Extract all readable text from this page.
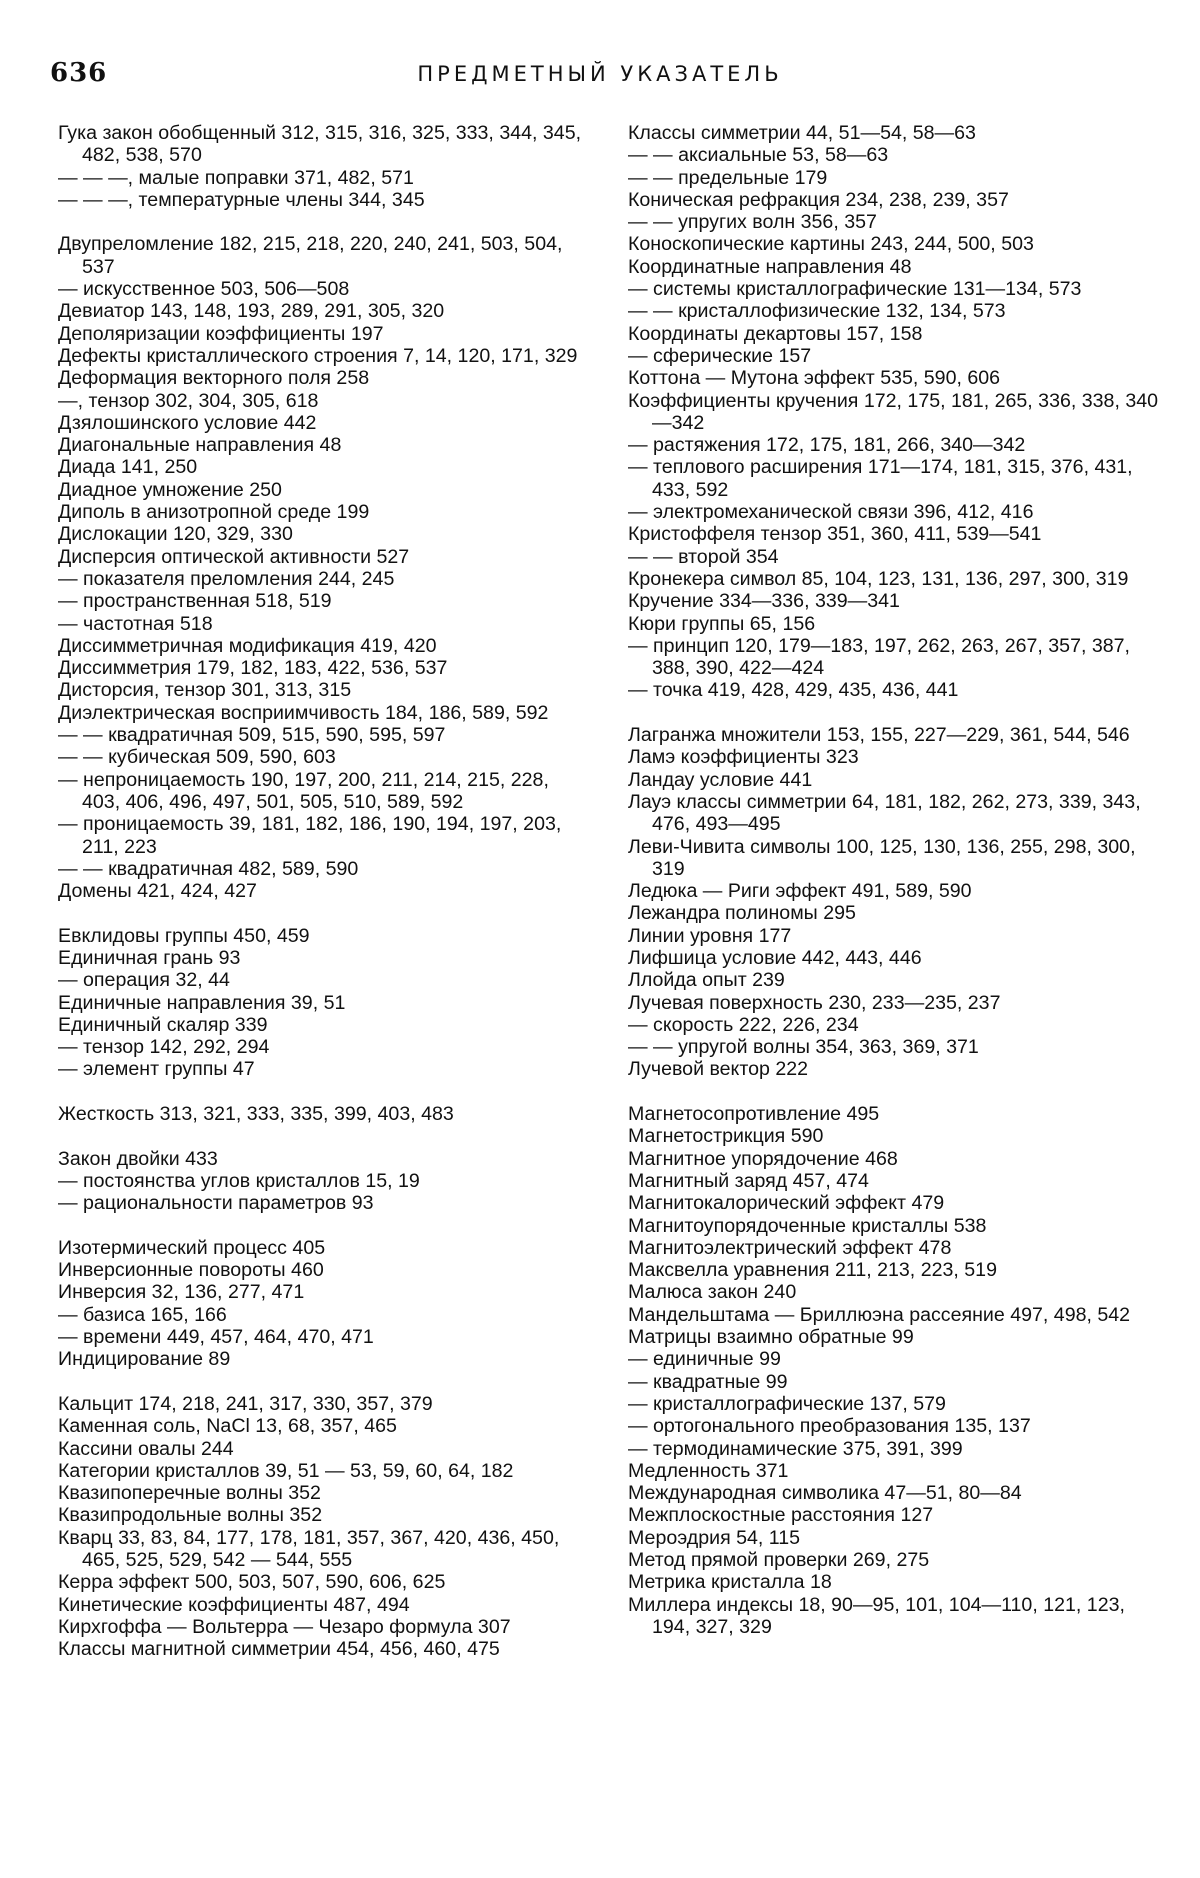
636	ПРЕДМЕТНЫЙ УКАЗАТЕЛЬ

Гука закон обобщенный 312, 315, 316, 325, 333, 344, 345, 482, 538, 570

— — —, малые поправки 371, 482, 571

— — —, температурные члены 344, 345

Двупреломление 182, 215, 218, 220, 240, 241, 503, 504, 537

— искусственное 503, 506—508

Девиатор 143, 148, 193, 289, 291, 305, 320

Деполяризации коэффициенты 197

Дефекты кристаллического строения 7, 14, 120, 171, 329

Деформация векторного поля 258

—, тензор 302, 304, 305, 618

Дзялошинского условие 442

Диагональные направления 48

Диада 141, 250

Диадное умножение 250

Диполь в анизотропной среде 199

Дислокации 120, 329, 330

Дисперсия оптической активности 527

— показателя преломления 244, 245

— пространственная 518, 519

— частотная 518

Диссимметричная модификация 419, 420

Диссимметрия 179, 182, 183, 422, 536, 537

Дисторсия, тензор 301, 313, 315

Диэлектрическая восприимчивость 184, 186, 589, 592

— — квадратичная 509, 515, 590, 595, 597

— — кубическая 509, 590, 603

— непроницаемость 190, 197, 200, 211, 214, 215, 228, 403, 406, 496, 497, 501, 505, 510, 589, 592

— проницаемость 39, 181, 182, 186, 190, 194, 197, 203, 211, 223

— — квадратичная 482, 589, 590

Домены 421, 424, 427

Евклидовы группы 450, 459

Единичная грань 93

— операция 32, 44

Единичные направления 39, 51

Единичный скаляр 339

— тензор 142, 292, 294

— элемент группы 47

Жесткость 313, 321, 333, 335, 399, 403, 483

Закон двойки 433

— постоянства углов кристаллов 15, 19

— рациональности параметров 93

Изотермический процесс 405

Инверсионные повороты 460

Инверсия 32, 136, 277, 471

— базиса 165, 166

— времени 449, 457, 464, 470, 471

Индицирование 89

Кальцит 174, 218, 241, 317, 330, 357, 379

Каменная соль, NaCl 13, 68, 357, 465

Кассини овалы 244

Категории кристаллов 39, 51 — 53, 59, 60, 64, 182

Квазипоперечные волны 352

Квазипродольные волны 352

Кварц 33, 83, 84, 177, 178, 181, 357, 367, 420, 436, 450, 465, 525, 529, 542 — 544, 555

Керра эффект 500, 503, 507, 590, 606, 625

Кинетические коэффициенты 487, 494

Кирхгоффа — Вольтерра — Чезаро формула 307

Классы магнитной симметрии 454, 456, 460, 475

Классы симметрии 44, 51—54, 58—63

— — аксиальные 53, 58—63

— — предельные 179

Коническая рефракция 234, 238, 239, 357

— — упругих волн 356, 357

Коноскопические картины 243, 244, 500, 503

Координатные направления 48

— системы кристаллографические 131—134, 573

— — кристаллофизические 132, 134, 573

Координаты декартовы 157, 158

— сферические 157

Коттона — Мутона эффект 535, 590, 606

Коэффициенты кручения 172, 175, 181, 265, 336, 338, 340—342

— растяжения 172, 175, 181, 266, 340—342

— теплового расширения 171—174, 181, 315, 376, 431, 433, 592

— электромеханической связи 396, 412, 416

Кристоффеля тензор 351, 360, 411, 539—541

— — второй 354

Кронекера символ 85, 104, 123, 131, 136, 297, 300, 319

Кручение 334—336, 339—341

Кюри группы 65, 156

— принцип 120, 179—183, 197, 262, 263, 267, 357, 387, 388, 390, 422—424

— точка 419, 428, 429, 435, 436, 441

Лагранжа множители 153, 155, 227—229, 361, 544, 546

Ламэ коэффициенты 323

Ландау условие 441

Лауэ классы симметрии 64, 181, 182, 262, 273, 339, 343, 476, 493—495

Леви-Чивита символы 100, 125, 130, 136, 255, 298, 300, 319

Ледюка — Риги эффект 491, 589, 590

Лежандра полиномы 295

Линии уровня 177

Лифшица условие 442, 443, 446

Ллойда опыт 239

Лучевая поверхность 230, 233—235, 237

— скорость 222, 226, 234

— — упругой волны 354, 363, 369, 371

Лучевой вектор 222

Магнетосопротивление 495

Магнетострикция 590

Магнитное упорядочение 468

Магнитный заряд 457, 474

Магнитокалорический эффект 479

Магнитоупорядоченные кристаллы 538

Магнитоэлектрический эффект 478

Максвелла уравнения 211, 213, 223, 519

Малюса закон 240

Мандельштама — Бриллюэна рассеяние 497, 498, 542

Матрицы взаимно обратные 99

— единичные 99

— квадратные 99

— кристаллографические 137, 579

— ортогонального преобразования 135, 137

— термодинамические 375, 391, 399

Медленность 371

Международная символика 47—51, 80—84

Межплоскостные расстояния 127

Мероэдрия 54, 115

Метод прямой проверки 269, 275

Метрика кристалла 18

Миллера индексы 18, 90—95, 101, 104—110, 121, 123, 194, 327, 329
